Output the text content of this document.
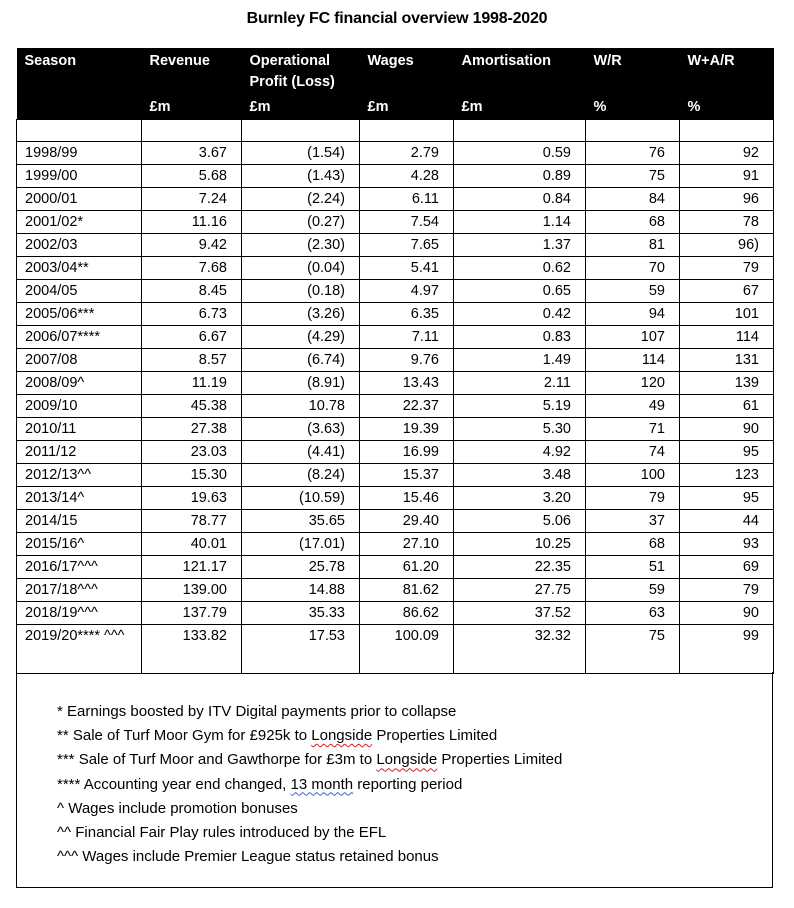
Burnley FC financial overview 1998-2020
Season	Revenue	Operational Profit (Loss)	Wages	Amortisation	W/R	W+A/R
	£m	£m	£m	£m	%	%

1998/99	3.67	(1.54)	2.79	0.59	76	92
1999/00	5.68	(1.43)	4.28	0.89	75	91
2000/01	7.24	(2.24)	6.11	0.84	84	96
2001/02*	11.16	(0.27)	7.54	1.14	68	78
2002/03	9.42	(2.30)	7.65	1.37	81	96)
2003/04**	7.68	(0.04)	5.41	0.62	70	79
2004/05	8.45	(0.18)	4.97	0.65	59	67
2005/06***	6.73	(3.26)	6.35	0.42	94	101
2006/07****	6.67	(4.29)	7.11	0.83	107	114
2007/08	8.57	(6.74)	9.76	1.49	114	131
2008/09^	11.19	(8.91)	13.43	2.11	120	139
2009/10	45.38	10.78	22.37	5.19	49	61
2010/11	27.38	(3.63)	19.39	5.30	71	90
2011/12	23.03	(4.41)	16.99	4.92	74	95
2012/13^^	15.30	(8.24)	15.37	3.48	100	123
2013/14^	19.63	(10.59)	15.46	3.20	79	95
2014/15	78.77	35.65	29.40	5.06	37	44
2015/16^	40.01	(17.01)	27.10	10.25	68	93
2016/17^^^	121.17	25.78	61.20	22.35	51	69
2017/18^^^	139.00	14.88	81.62	27.75	59	79
2018/19^^^	137.79	35.33	86.62	37.52	63	90
2019/20**** ^^^	133.82	17.53	100.09	32.32	75	99
* Earnings boosted by ITV Digital payments prior to collapse
** Sale of Turf Moor Gym for £925k to Longside Properties Limited
*** Sale of Turf Moor and Gawthorpe for £3m to Longside Properties Limited
**** Accounting year end changed, 13 month reporting period
^ Wages include promotion bonuses
^^ Financial Fair Play rules introduced by the EFL
^^^ Wages include Premier League status retained bonus
